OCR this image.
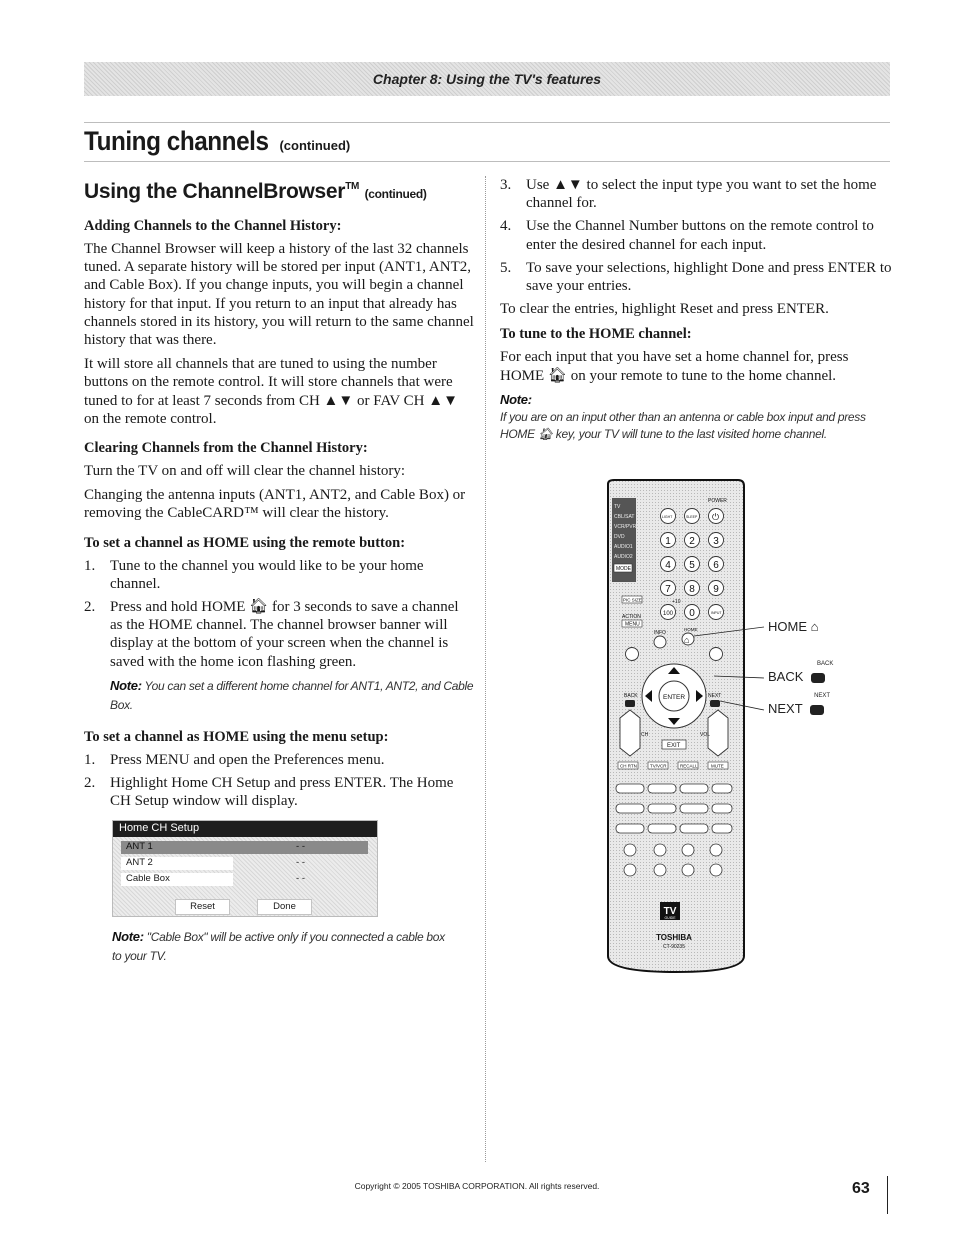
Chapter 8: Using the TV's features
Tuning channels (continued)
Using the ChannelBrowser™ (continued)
Adding Channels to the Channel History:

The Channel Browser will keep a history of the last 32 channels tuned. A separate history will be stored per input (ANT1, ANT2, and Cable Box). If you change inputs, you will begin a channel history for that input. If you return to an input that already has channels stored in its history, you will return to the same channel history that was there.

It will store all channels that are tuned to using the number buttons on the remote control. It will store channels that were tuned to for at least 7 seconds from CH ▲▼ or FAV CH ▲▼ on the remote control.

Clearing Channels from the Channel History:

Turn the TV on and off will clear the channel history:

Changing the antenna inputs (ANT1, ANT2, and Cable Box) or removing the CableCARD™ will clear the history.

To set a channel as HOME using the remote button:
1. Tune to the channel you would like to be your home channel.
2. Press and hold HOME 🏠︎ for 3 seconds to save a channel as the HOME channel. The channel browser banner will display at the bottom of your screen when the channel is saved with the home icon flashing green.
Note: You can set a different home channel for ANT1, ANT2, and Cable Box.
To set a channel as HOME using the menu setup:
1. Press MENU and open the Preferences menu.
2. Highlight Home CH Setup and press ENTER. The Home CH Setup window will display.
Home CH Setup
ANT 1	- -
ANT 2	- -
Cable Box	- -
Reset	Done
Note: "Cable Box" will be active only if you connected a cable box to your TV.
3. Use ▲▼ to select the input type you want to set the home channel for.
4. Use the Channel Number buttons on the remote control to enter the desired channel for each input.
5. To save your selections, highlight Done and press ENTER to save your entries.

To clear the entries, highlight Reset and press ENTER.

To tune to the HOME channel:

For each input that you have set a home channel for, press HOME 🏠︎ on your remote to tune to the home channel.

Note:
If you are on an input other than an antenna or cable box input and press HOME 🏠︎ key, your TV will tune to the last visited home channel.
TV
CBL/SAT
VCR/PVR
DVD
AUDIO1
AUDIO2
MODE
POWER
LIGHT	SLEEP ⏻
1 2 3
4 5 6
7 8 9
100 0
+10
INPUT
PIC SIZE
ACTION
MENU
INFO
HOME
⌂
ENTER
BACK	NEXT
CH	VOL
EXIT
CH RTN	TV/VCR	RECALL	MUTE
TV
GUIDE
TOSHIBA
CT-90235
HOME ⌂
BACK
BACK
NEXT
NEXT
Copyright © 2005 TOSHIBA CORPORATION. All rights reserved.	63
